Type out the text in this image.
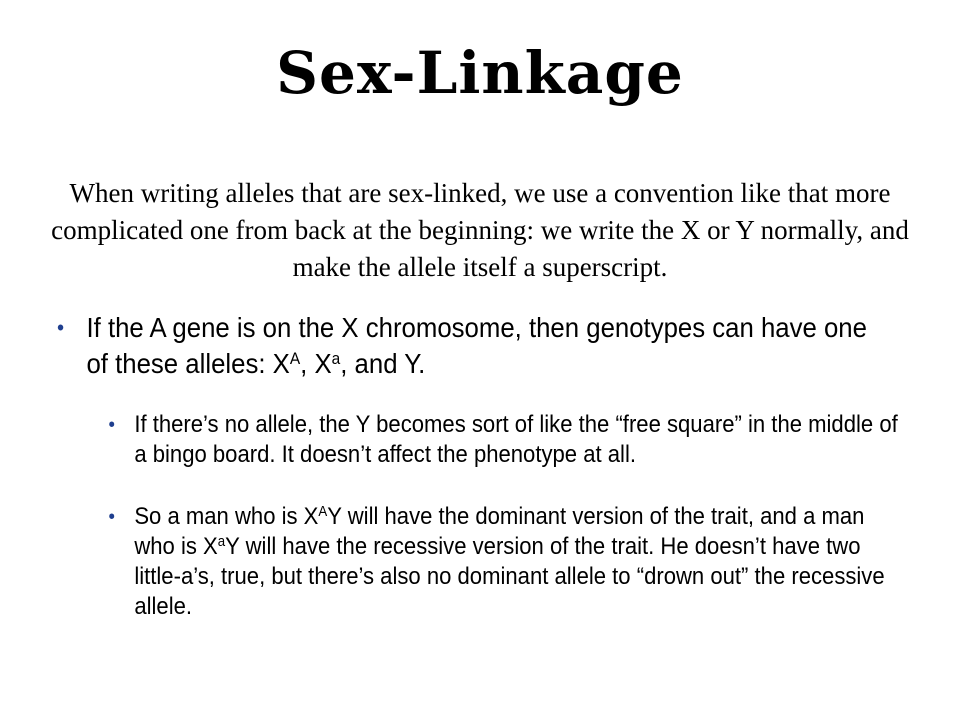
Sex-Linkage
When writing alleles that are sex-linked, we use a convention like that more complicated one from back at the beginning: we write the X or Y normally, and make the allele itself a superscript.
• If the A gene is on the X chromosome, then genotypes can have one of these alleles: $X^A$, $X^a$, and Y.
• If there’s no allele, the Y becomes sort of like the “free square” in the middle of a bingo board. It doesn’t affect the phenotype at all.
• So a man who is $X^AY$ will have the dominant version of the trait, and a man who is $X^aY$ will have the recessive version of the trait. He doesn’t have two little-a’s, true, but there’s also no dominant allele to “drown out” the recessive allele.
